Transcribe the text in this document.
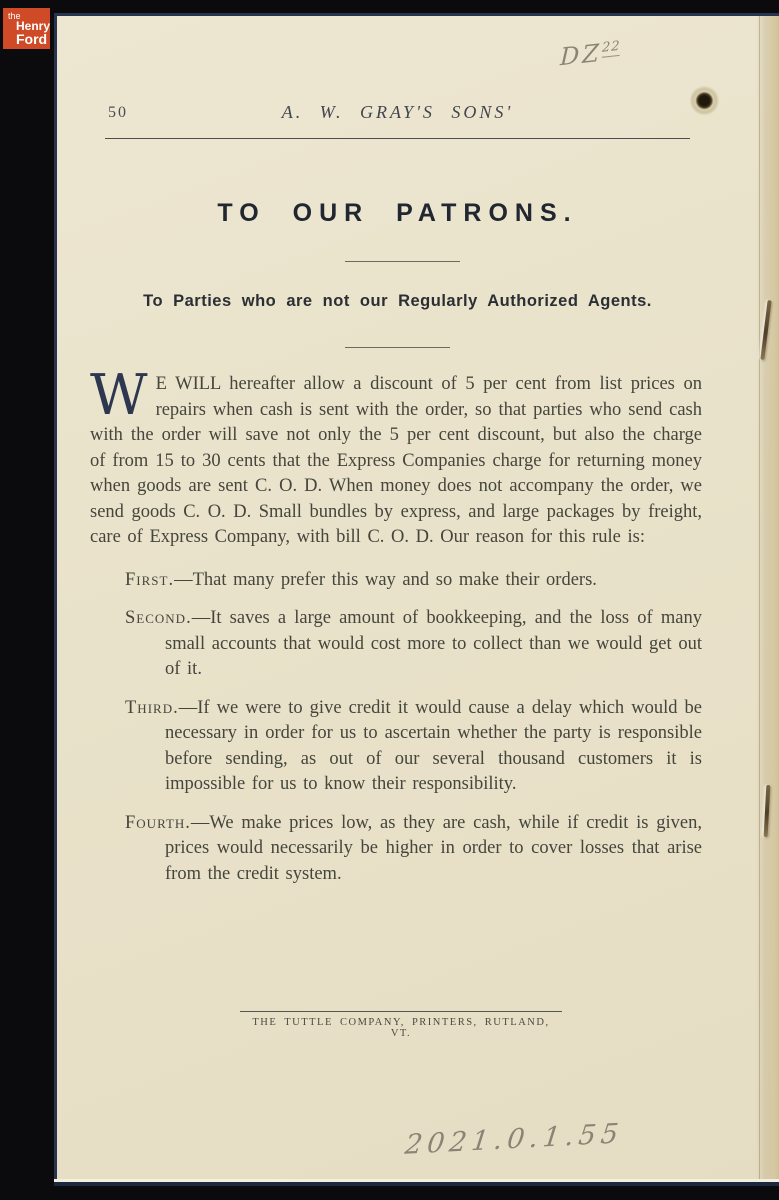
DZ$^{22}$
50	A. W. GRAY'S SONS'
TO OUR PATRONS.
To Parties who are not our Regularly Authorized Agents.

W E WILL hereafter allow a discount of 5 per cent from list prices on repairs when cash is sent with the order, so that parties who send cash with the order will save not only the 5 per cent discount, but also the charge of from 15 to 30 cents that the Express Companies charge for returning money when goods are sent C. O. D. When money does not accompany the order, we send goods C. O. D. Small bundles by express, and large packages by freight, care of Express Company, with bill C. O. D. Our reason for this rule is:

First.—That many prefer this way and so make their orders.
Second.—It saves a large amount of bookkeeping, and the loss of many small accounts that would cost more to collect than we would get out of it.
Third.—If we were to give credit it would cause a delay which would be necessary in order for us to ascertain whether the party is responsible before sending, as out of our several thousand customers it is impossible for us to know their responsibility.
Fourth.—We make prices low, as they are cash, while if credit is given, prices would necessarily be higher in order to cover losses that arise from the credit system.
THE TUTTLE COMPANY, PRINTERS, RUTLAND, VT.
2021.0.1.55
the
Henry
Ford
